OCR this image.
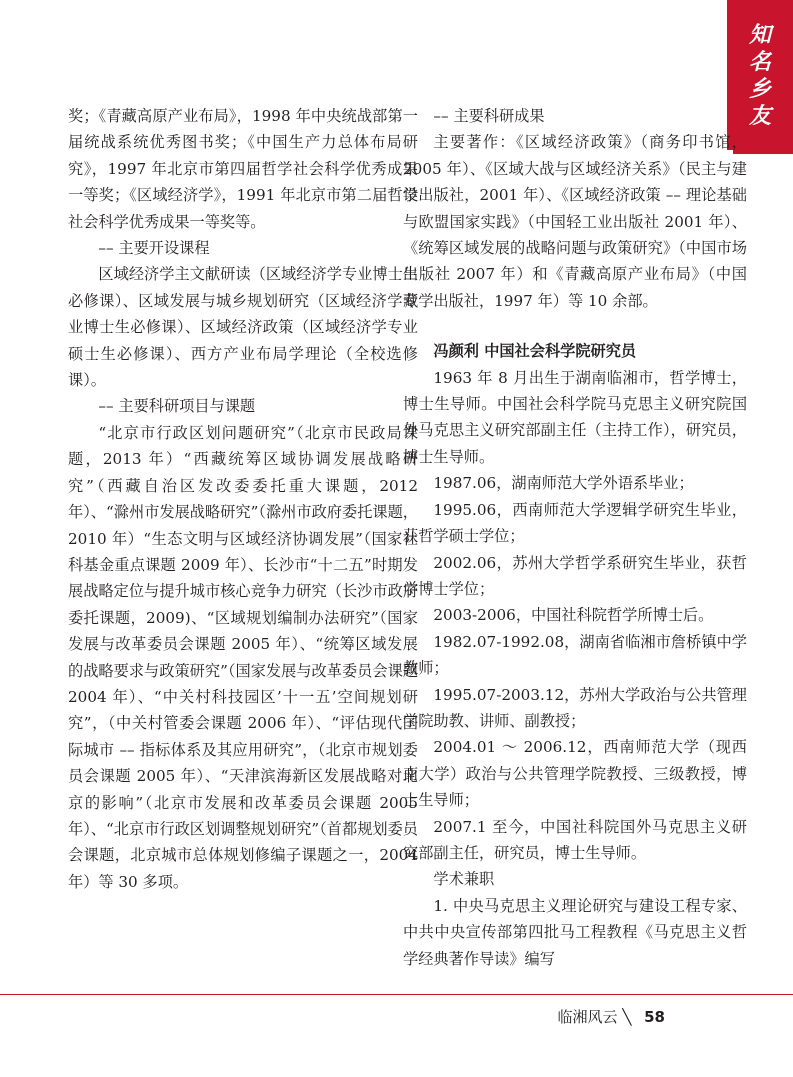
知
名
乡
友

奖；《青藏高原产业布局》，1998 年中央统战部第一届统战系统优秀图书奖；《中国生产力总体布局研究》，1997 年北京市第四届哲学社会科学优秀成果一等奖；《区域经济学》，1991 年北京市第二届哲学社会科学优秀成果一等奖等。

–– 主要开设课程

区域经济学主文献研读（区域经济学专业博士生必修课）、区域发展与城乡规划研究（区域经济学专业博士生必修课）、区域经济政策（区域经济学专业硕士生必修课）、西方产业布局学理论（全校选修课）。

–– 主要科研项目与课题

“北京市行政区划问题研究”（北京市民政局课题，2013 年）“西藏统筹区域协调发展战略研究”（西藏自治区发改委委托重大课题，2012 年）、“滁州市发展战略研究”（滁州市政府委托课题，2010 年）“生态文明与区域经济协调发展”（国家社科基金重点课题 2009 年）、长沙市“十二五”时期发展战略定位与提升城市核心竞争力研究（长沙市政府委托课题，2009)、“区域规划编制办法研究”（国家发展与改革委员会课题 2005 年）、“统筹区域发展的战略要求与政策研究”（国家发展与改革委员会课题 2004 年）、“中关村科技园区’十一五’空间规划研究”，（中关村管委会课题 2006 年）、“评估现代国际城市 –– 指标体系及其应用研究”，（北京市规划委员会课题 2005 年）、“天津滨海新区发展战略对北京的影响”（北京市发展和改革委员会课题 2005 年）、“北京市行政区划调整规划研究”（首都规划委员会课题，北京城市总体规划修编子课题之一，2004 年）等 30 多项。

–– 主要科研成果

主要著作：《区域经济政策》（商务印书馆，2005 年）、《区域大战与区域经济关系》（民主与建设出版社，2001 年）、《区域经济政策 –– 理论基础与欧盟国家实践》（中国轻工业出版社 2001 年）、《统筹区域发展的战略问题与政策研究》（中国市场出版社 2007 年）和《青藏高原产业布局》（中国藏学出版社，1997 年）等 10 余部。

冯颜利 中国社会科学院研究员

1963 年 8 月出生于湖南临湘市，哲学博士，博士生导师。中国社会科学院马克思主义研究院国外马克思主义研究部副主任（主持工作），研究员，博士生导师。

1987.06，湖南师范大学外语系毕业；

1995.06，西南师范大学逻辑学研究生毕业，获哲学硕士学位；

2002.06，苏州大学哲学系研究生毕业，获哲学博士学位；

2003-2006，中国社科院哲学所博士后。

1982.07-1992.08，湖南省临湘市詹桥镇中学教师；

1995.07-2003.12，苏州大学政治与公共管理学院助教、讲师、副教授；

2004.01 ～ 2006.12，西南师范大学（现西南大学）政治与公共管理学院教授、三级教授，博士生导师；

2007.1 至今，中国社科院国外马克思主义研究部副主任，研究员，博士生导师。

学术兼职

1. 中央马克思主义理论研究与建设工程专家、中共中央宣传部第四批马工程教程《马克思主义哲学经典著作导读》编写

临湘风云 ╲ 58
